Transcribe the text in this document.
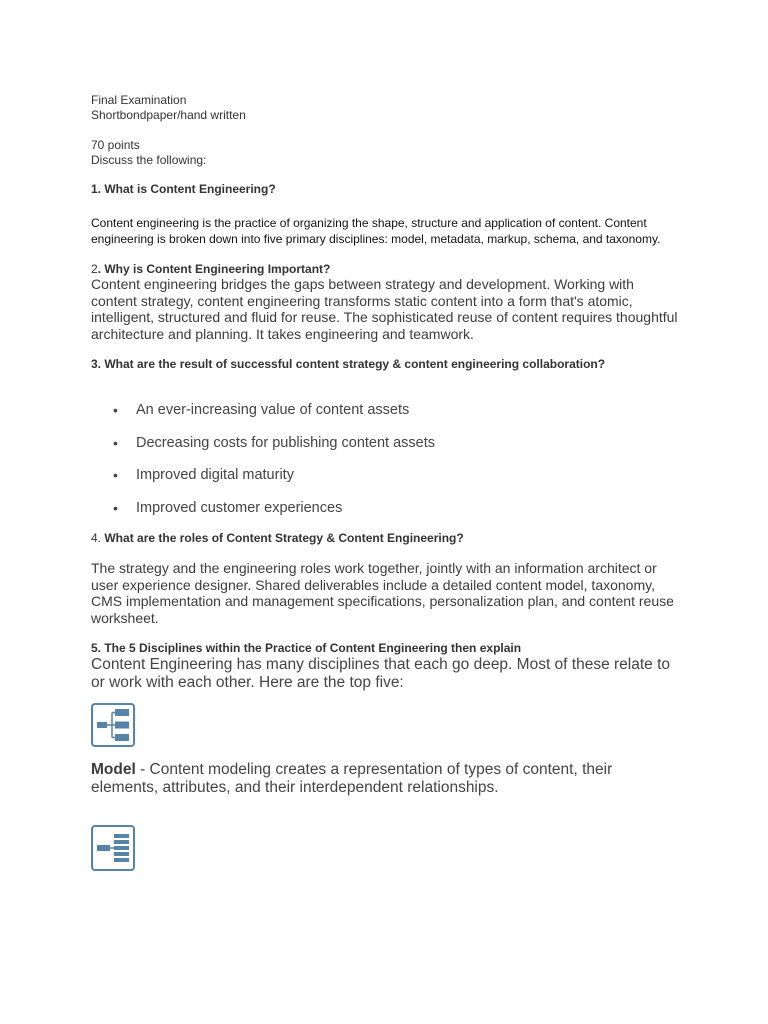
Final Examination
Shortbondpaper/hand written
70 points
Discuss the following:
1. What is Content Engineering?
Content engineering is the practice of organizing the shape, structure and application of content. Content engineering is broken down into five primary disciplines: model, metadata, markup, schema, and taxonomy.
2. Why is Content Engineering Important?
Content engineering bridges the gaps between strategy and development. Working with content strategy, content engineering transforms static content into a form that's atomic, intelligent, structured and fluid for reuse. The sophisticated reuse of content requires thoughtful architecture and planning. It takes engineering and teamwork.
3. What are the result of successful content strategy & content engineering collaboration?
• An ever-increasing value of content assets
• Decreasing costs for publishing content assets
• Improved digital maturity
• Improved customer experiences
4. What are the roles of Content Strategy & Content Engineering?
The strategy and the engineering roles work together, jointly with an information architect or user experience designer. Shared deliverables include a detailed content model, taxonomy, CMS implementation and management specifications, personalization plan, and content reuse worksheet.
5. The 5 Disciplines within the Practice of Content Engineering then explain
Content Engineering has many disciplines that each go deep. Most of these relate to or work with each other. Here are the top five:
Model - Content modeling creates a representation of types of content, their elements, attributes, and their interdependent relationships.
